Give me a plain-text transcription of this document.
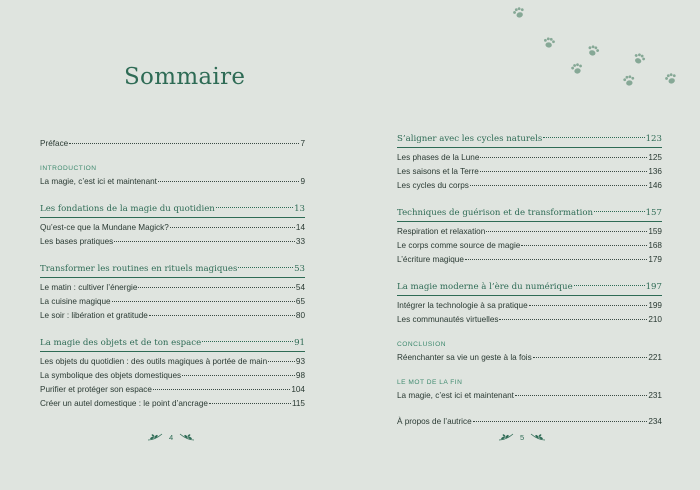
Sommaire
Préface	7
INTRODUCTION
La magie, c’est ici et maintenant	9
Les fondations de la magie du quotidien	13
Qu’est-ce que la Mundane Magick?	14
Les bases pratiques	33
Transformer les routines en rituels magiques	53
Le matin : cultiver l’énergie	54
La cuisine magique	65
Le soir : libération et gratitude	80
La magie des objets et de ton espace	91
Les objets du quotidien : des outils magiques à portée de main	93
La symbolique des objets domestiques	98
Purifier et protéger son espace	104
Créer un autel domestique : le point d’ancrage	115
4
S’aligner avec les cycles naturels	123
Les phases de la Lune	125
Les saisons et la Terre	136
Les cycles du corps	146
Techniques de guérison et de transformation	157
Respiration et relaxation	159
Le corps comme source de magie	168
L’écriture magique	179
La magie moderne à l’ère du numérique	197
Intégrer la technologie à sa pratique	199
Les communautés virtuelles	210
CONCLUSION
Réenchanter sa vie un geste à la fois	221
LE MOT DE LA FIN
La magie, c’est ici et maintenant	231
À propos de l’autrice	234
5
